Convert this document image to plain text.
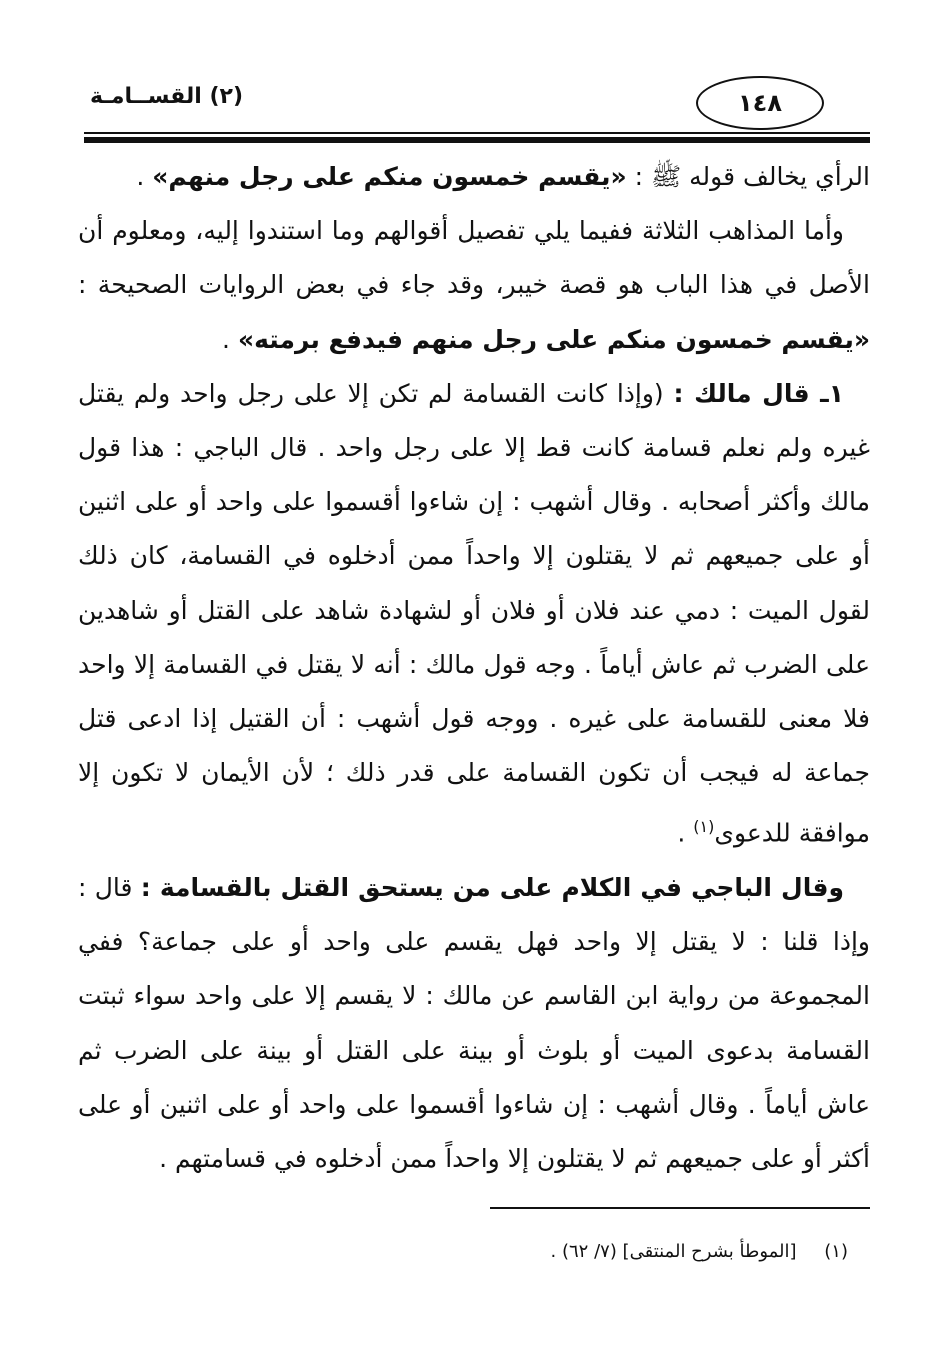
(٢) القســامـة	١٤٨

الرأي يخالف قوله ﷺ : «يقسم خمسون منكم على رجل منهم» .

وأما المذاهب الثلاثة ففيما يلي تفصيل أقوالهم وما استندوا إليه، ومعلوم أن الأصل في هذا الباب هو قصة خيبر، وقد جاء في بعض الروايات الصحيحة : «يقسم خمسون منكم على رجل منهم فيدفع برمته» .

١ـ قال مالك : (وإذا كانت القسامة لم تكن إلا على رجل واحد ولم يقتل غيره ولم نعلم قسامة كانت قط إلا على رجل واحد . قال الباجي : هذا قول مالك وأكثر أصحابه . وقال أشهب : إن شاءوا أقسموا على واحد أو على اثنين أو على جميعهم ثم لا يقتلون إلا واحداً ممن أدخلوه في القسامة، كان ذلك لقول الميت : دمي عند فلان أو فلان أو لشهادة شاهد على القتل أو شاهدين على الضرب ثم عاش أياماً . وجه قول مالك : أنه لا يقتل في القسامة إلا واحد فلا معنى للقسامة على غيره . ووجه قول أشهب : أن القتيل إذا ادعى قتل جماعة له فيجب أن تكون القسامة على قدر ذلك ؛ لأن الأيمان لا تكون إلا موافقة للدعوى$^{(١)}$ .

وقال الباجي في الكلام على من يستحق القتل بالقسامة : قال : وإذا قلنا : لا يقتل إلا واحد فهل يقسم على واحد أو على جماعة؟ ففي المجموعة من رواية ابن القاسم عن مالك : لا يقسم إلا على واحد سواء ثبتت القسامة بدعوى الميت أو بلوث أو بينة على القتل أو بينة على الضرب ثم عاش أياماً . وقال أشهب : إن شاءوا أقسموا على واحد أو على اثنين أو على أكثر أو على جميعهم ثم لا يقتلون إلا واحداً ممن أدخلوه في قسامتهم .

(١) [الموطأ بشرح المنتقى] (٧/ ٦٢) .
